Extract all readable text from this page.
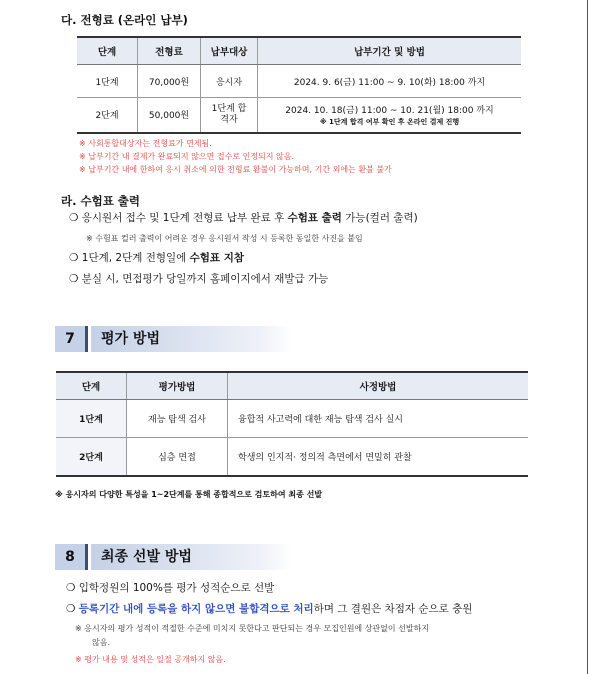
다. 전형료 (온라인 납부)
단계	전형료	납부대상	납부기간 및 방법
1단계	70,000원	응시자	2024. 9. 6(금) 11:00 ~ 9. 10(화) 18:00 까지
2단계	50,000원	1단계 합격자	2024. 10. 18(금) 11:00 ~ 10. 21(월) 18:00 까지
※ 1단계 합격 여부 확인 후 온라인 결제 진행
※ 사회통합대상자는 전형료가 면제됨.
※ 납부기간 내 결제가 완료되지 않으면 접수로 인정되지 않음.
※ 납부기간 내에 한하여 응시 취소에 의한 전형료 환불이 가능하며, 기간 외에는 환불 불가
라. 수험표 출력
❍ 응시원서 접수 및 1단계 전형료 납부 완료 후 수험표 출력 가능(컬러 출력)
※ 수험표 컬러 출력이 어려운 경우 응시원서 작성 시 등록한 동일한 사진을 붙임
❍ 1단계, 2단계 전형일에 수험표 지참
❍ 분실 시, 면접평가 당일까지 홈페이지에서 재발급 가능
7	평가 방법
단계	평가방법	사정방법
1단계	재능 탐색 검사	융합적 사고력에 대한 재능 탐색 검사 실시
2단계	심층 면접	학생의 인지적· 정의적 측면에서 면밀히 관찰
※ 응시자의 다양한 특성을 1~2단계를 통해 종합적으로 검토하여 최종 선발
8	최종 선발 방법
❍ 입학정원의 100%를 평가 성적순으로 선발
❍ 등록기간 내에 등록을 하지 않으면 불합격으로 처리하며 그 결원은 차점자 순으로 충원
※ 응시자의 평가 성적이 적절한 수준에 미치지 못한다고 판단되는 경우 모집인원에 상관없이 선발하지
않음.
※ 평가 내용 및 성적은 일절 공개하지 않음.
